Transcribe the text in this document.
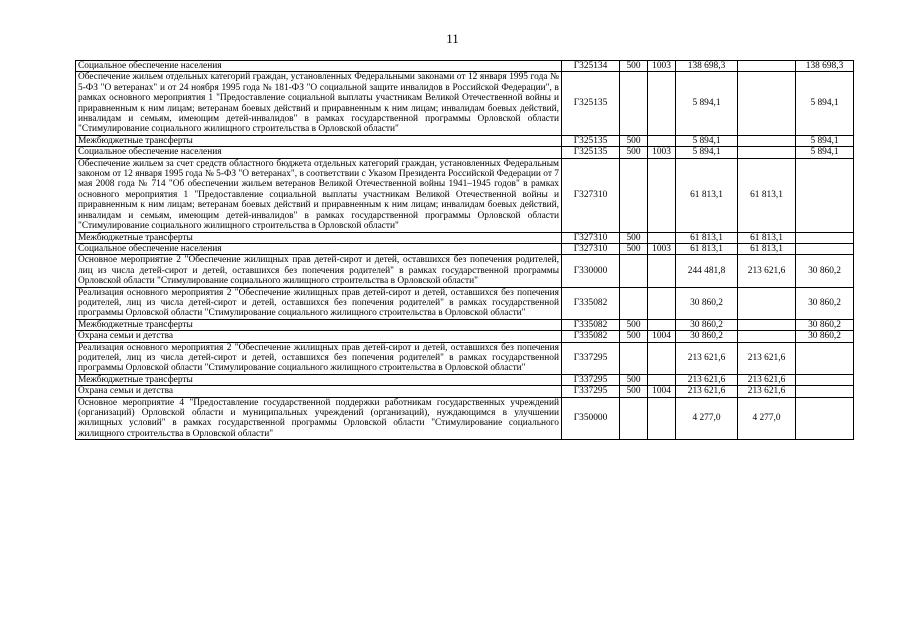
11
Социальное обеспечение населения	Г325134	500	1003	138 698,3		138 698,3
Обеспечение жильем отдельных категорий граждан, установленных Федеральными законами от 12 января 1995 года № 5-ФЗ "О ветеранах" и от 24 ноября 1995 года № 181-ФЗ "О социальной защите инвалидов в Российской Федерации", в рамках основного мероприятия 1 "Предоставление социальной выплаты участникам Великой Отечественной войны и приравненным к ним лицам; ветеранам боевых действий и приравненным к ним лицам; инвалидам боевых действий, инвалидам и семьям, имеющим детей-инвалидов" в рамках государственной программы Орловской области "Стимулирование социального жилищного строительства в Орловской области"	Г325135			5 894,1		5 894,1
Межбюджетные трансферты	Г325135	500		5 894,1		5 894,1
Социальное обеспечение населения	Г325135	500	1003	5 894,1		5 894,1
Обеспечение жильем за счет средств областного бюджета отдельных категорий граждан, установленных Федеральным законом от 12 января 1995 года № 5-ФЗ "О ветеранах", в соответствии с Указом Президента Российской Федерации от 7 мая 2008 года № 714 "Об обеспечении жильем ветеранов Великой Отечественной войны 1941–1945 годов" в рамках основного мероприятия 1 "Предоставление социальной выплаты участникам Великой Отечественной войны и приравненным к ним лицам; ветеранам боевых действий и приравненным к ним лицам; инвалидам боевых действий, инвалидам и семьям, имеющим детей-инвалидов" в рамках государственной программы Орловской области "Стимулирование социального жилищного строительства в Орловской области"	Г327310			61 813,1	61 813,1	
Межбюджетные трансферты	Г327310	500		61 813,1	61 813,1	
Социальное обеспечение населения	Г327310	500	1003	61 813,1	61 813,1	
Основное мероприятие 2 "Обеспечение жилищных прав детей-сирот и детей, оставшихся без попечения родителей, лиц из числа детей-сирот и детей, оставшихся без попечения родителей" в рамках государственной программы Орловской области "Стимулирование социального жилищного строительства в Орловской области"	Г330000			244 481,8	213 621,6	30 860,2
Реализация основного мероприятия 2 "Обеспечение жилищных прав детей-сирот и детей, оставшихся без попечения родителей, лиц из числа детей-сирот и детей, оставшихся без попечения родителей" в рамках государственной программы Орловской области "Стимулирование социального жилищного строительства в Орловской области"	Г335082			30 860,2		30 860,2
Межбюджетные трансферты	Г335082	500		30 860,2		30 860,2
Охрана семьи и детства	Г335082	500	1004	30 860,2		30 860,2
Реализация основного мероприятия 2 "Обеспечение жилищных прав детей-сирот и детей, оставшихся без попечения родителей, лиц из числа детей-сирот и детей, оставшихся без попечения родителей" в рамках государственной программы Орловской области "Стимулирование социального жилищного строительства в Орловской области"	Г337295			213 621,6	213 621,6	
Межбюджетные трансферты	Г337295	500		213 621,6	213 621,6	
Охрана семьи и детства	Г337295	500	1004	213 621,6	213 621,6	
Основное мероприятие 4 "Предоставление государственной поддержки работникам государственных учреждений (организаций) Орловской области и муниципальных учреждений (организаций), нуждающимся в улучшении жилищных условий" в рамках государственной программы Орловской области "Стимулирование социального жилищного строительства в Орловской области"	Г350000			4 277,0	4 277,0	
